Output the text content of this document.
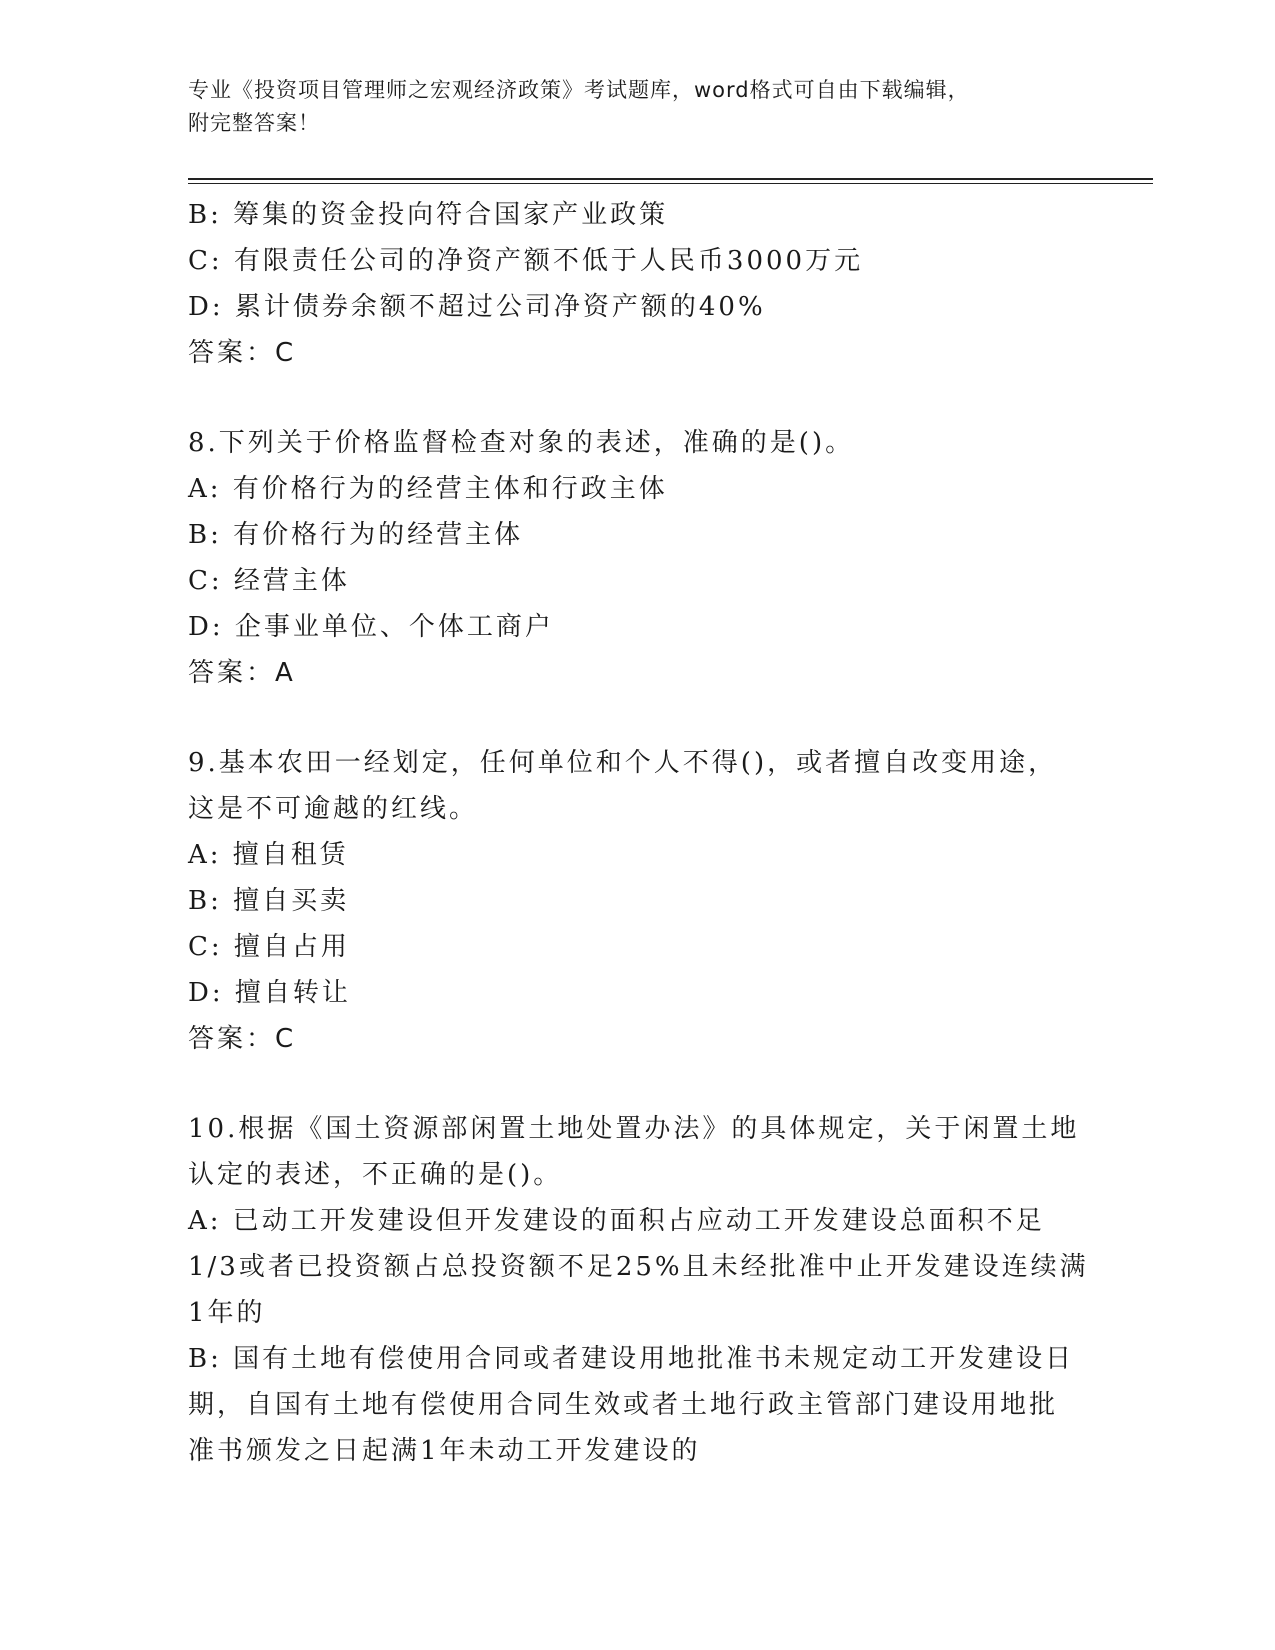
专业《投资项目管理师之宏观经济政策》考试题库，word格式可自由下载编辑，
附完整答案！
B: 筹集的资金投向符合国家产业政策
C: 有限责任公司的净资产额不低于人民币3000万元
D: 累计债券余额不超过公司净资产额的40%
答案：C
8.下列关于价格监督检查对象的表述，准确的是()。
A: 有价格行为的经营主体和行政主体
B: 有价格行为的经营主体
C: 经营主体
D: 企事业单位、个体工商户
答案：A
9.基本农田一经划定，任何单位和个人不得()，或者擅自改变用途，
这是不可逾越的红线。
A: 擅自租赁
B: 擅自买卖
C: 擅自占用
D: 擅自转让
答案：C
10.根据《国土资源部闲置土地处置办法》的具体规定，关于闲置土地
认定的表述，不正确的是()。
A: 已动工开发建设但开发建设的面积占应动工开发建设总面积不足
1/3或者已投资额占总投资额不足25%且未经批准中止开发建设连续满
1年的
B: 国有土地有偿使用合同或者建设用地批准书未规定动工开发建设日
期，自国有土地有偿使用合同生效或者土地行政主管部门建设用地批
准书颁发之日起满1年未动工开发建设的
